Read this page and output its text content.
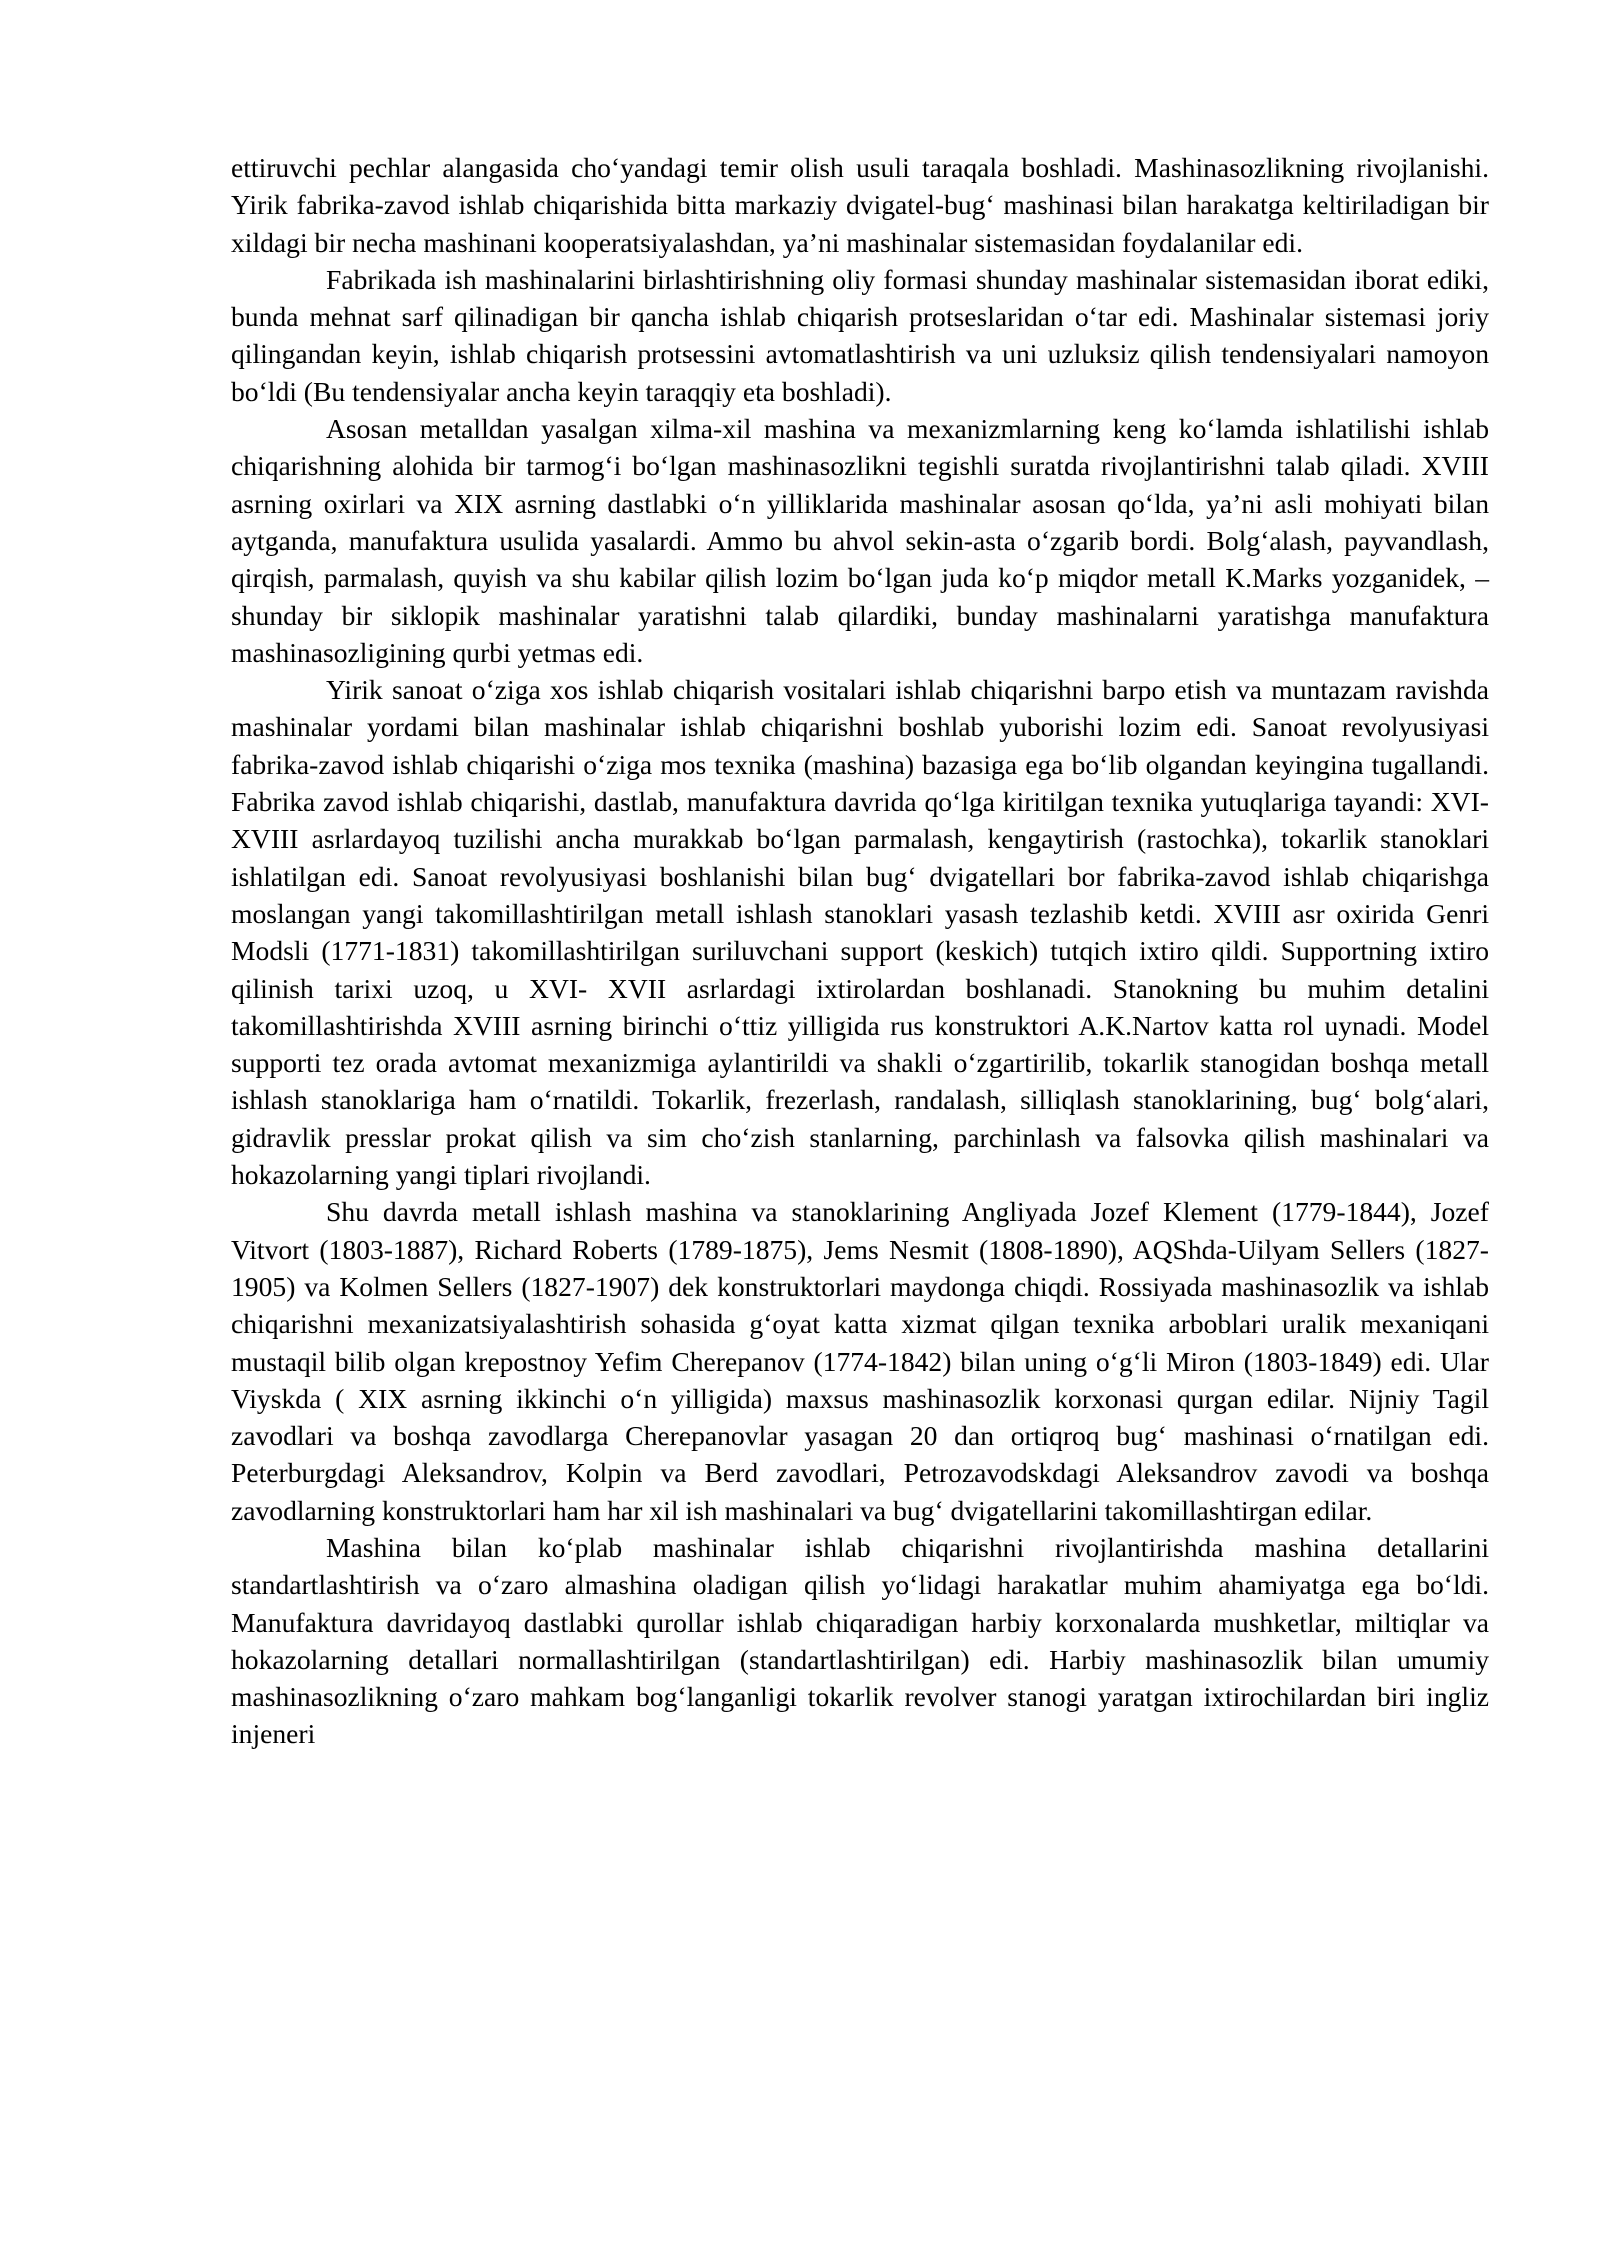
ettiruvchi pechlar alangasida cho‘yandagi temir olish usuli taraqala boshladi. Mashinasozlikning rivojlanishi. Yirik fabrika-zavod ishlab chiqarishida bitta markaziy dvigatel-bug‘ mashinasi bilan harakatga keltiriladigan bir xildagi bir necha mashinani kooperatsiyalashdan, ya’ni mashinalar sistemasidan foydalanilar edi.

Fabrikada ish mashinalarini birlashtirishning oliy formasi shunday mashinalar sistemasidan iborat ediki, bunda mehnat sarf qilinadigan bir qancha ishlab chiqarish protseslaridan o‘tar edi. Mashinalar sistemasi joriy qilingandan keyin, ishlab chiqarish protsessini avtomatlashtirish va uni uzluksiz qilish tendensiyalari namoyon bo‘ldi (Bu tendensiyalar ancha keyin taraqqiy eta boshladi).

Asosan metalldan yasalgan xilma-xil mashina va mexanizmlarning keng ko‘lamda ishlatilishi ishlab chiqarishning alohida bir tarmog‘i bo‘lgan mashinasozlikni tegishli suratda rivojlantirishni talab qiladi. XVIII asrning oxirlari va XIX asrning dastlabki o‘n yilliklarida mashinalar asosan qo‘lda, ya’ni asli mohiyati bilan aytganda, manufaktura usulida yasalardi. Ammo bu ahvol sekin-asta o‘zgarib bordi. Bolg‘alash, payvandlash, qirqish, parmalash, quyish va shu kabilar qilish lozim bo‘lgan juda ko‘p miqdor metall K.Marks yozganidek, –shunday bir siklopik mashinalar yaratishni talab qilardiki, bunday mashinalarni yaratishga manufaktura mashinasozligining qurbi yetmas edi.

Yirik sanoat o‘ziga xos ishlab chiqarish vositalari ishlab chiqarishni barpo etish va muntazam ravishda mashinalar yordami bilan mashinalar ishlab chiqarishni boshlab yuborishi lozim edi. Sanoat revolyusiyasi fabrika-zavod ishlab chiqarishi o‘ziga mos texnika (mashina) bazasiga ega bo‘lib olgandan keyingina tugallandi. Fabrika zavod ishlab chiqarishi, dastlab, manufaktura davrida qo‘lga kiritilgan texnika yutuqlariga tayandi: XVI-XVIII asrlardayoq tuzilishi ancha murakkab bo‘lgan parmalash, kengaytirish (rastochka), tokarlik stanoklari ishlatilgan edi. Sanoat revolyusiyasi boshlanishi bilan bug‘ dvigatellari bor fabrika-zavod ishlab chiqarishga moslangan yangi takomillashtirilgan metall ishlash stanoklari yasash tezlashib ketdi. XVIII asr oxirida Genri Modsli (1771-1831) takomillashtirilgan suriluvchani support (keskich) tutqich ixtiro qildi. Supportning ixtiro qilinish tarixi uzoq, u XVI- XVII asrlardagi ixtirolardan boshlanadi. Stanokning bu muhim detalini takomillashtirishda XVIII asrning birinchi o‘ttiz yilligida rus konstruktori A.K.Nartov katta rol uynadi. Model supporti tez orada avtomat mexanizmiga aylantirildi va shakli o‘zgartirilib, tokarlik stanogidan boshqa metall ishlash stanoklariga ham o‘rnatildi. Tokarlik, frezerlash, randalash, silliqlash stanoklarining, bug‘ bolg‘alari, gidravlik presslar prokat qilish va sim cho‘zish stanlarning, parchinlash va falsovka qilish mashinalari va hokazolarning yangi tiplari rivojlandi.

Shu davrda metall ishlash mashina va stanoklarining Angliyada Jozef Klement (1779-1844), Jozef Vitvort (1803-1887), Richard Roberts (1789-1875), Jems Nesmit (1808-1890), AQShda-Uilyam Sellers (1827-1905) va Kolmen Sellers (1827-1907) dek konstruktorlari maydonga chiqdi. Rossiyada mashinasozlik va ishlab chiqarishni mexanizatsiyalashtirish sohasida g‘oyat katta xizmat qilgan texnika arboblari uralik mexaniqani mustaqil bilib olgan krepostnoy Yefim Cherepanov (1774-1842) bilan uning o‘g‘li Miron (1803-1849) edi. Ular Viyskda ( XIX asrning ikkinchi o‘n yilligida) maxsus mashinasozlik korxonasi qurgan edilar. Nijniy Tagil zavodlari va boshqa zavodlarga Cherepanovlar yasagan 20 dan ortiqroq bug‘ mashinasi o‘rnatilgan edi. Peterburgdagi Aleksandrov, Kolpin va Berd zavodlari, Petrozavodskdagi Aleksandrov zavodi va boshqa zavodlarning konstruktorlari ham har xil ish mashinalari va bug‘ dvigatellarini takomillashtirgan edilar.

Mashina bilan ko‘plab mashinalar ishlab chiqarishni rivojlantirishda mashina detallarini standartlashtirish va o‘zaro almashina oladigan qilish yo‘lidagi harakatlar muhim ahamiyatga ega bo‘ldi. Manufaktura davridayoq dastlabki qurollar ishlab chiqaradigan harbiy korxonalarda mushketlar, miltiqlar va hokazolarning detallari normallashtirilgan (standartlashtirilgan) edi. Harbiy mashinasozlik bilan umumiy mashinasozlikning o‘zaro mahkam bog‘langanligi tokarlik revolver stanogi yaratgan ixtirochilardan biri ingliz injeneri
